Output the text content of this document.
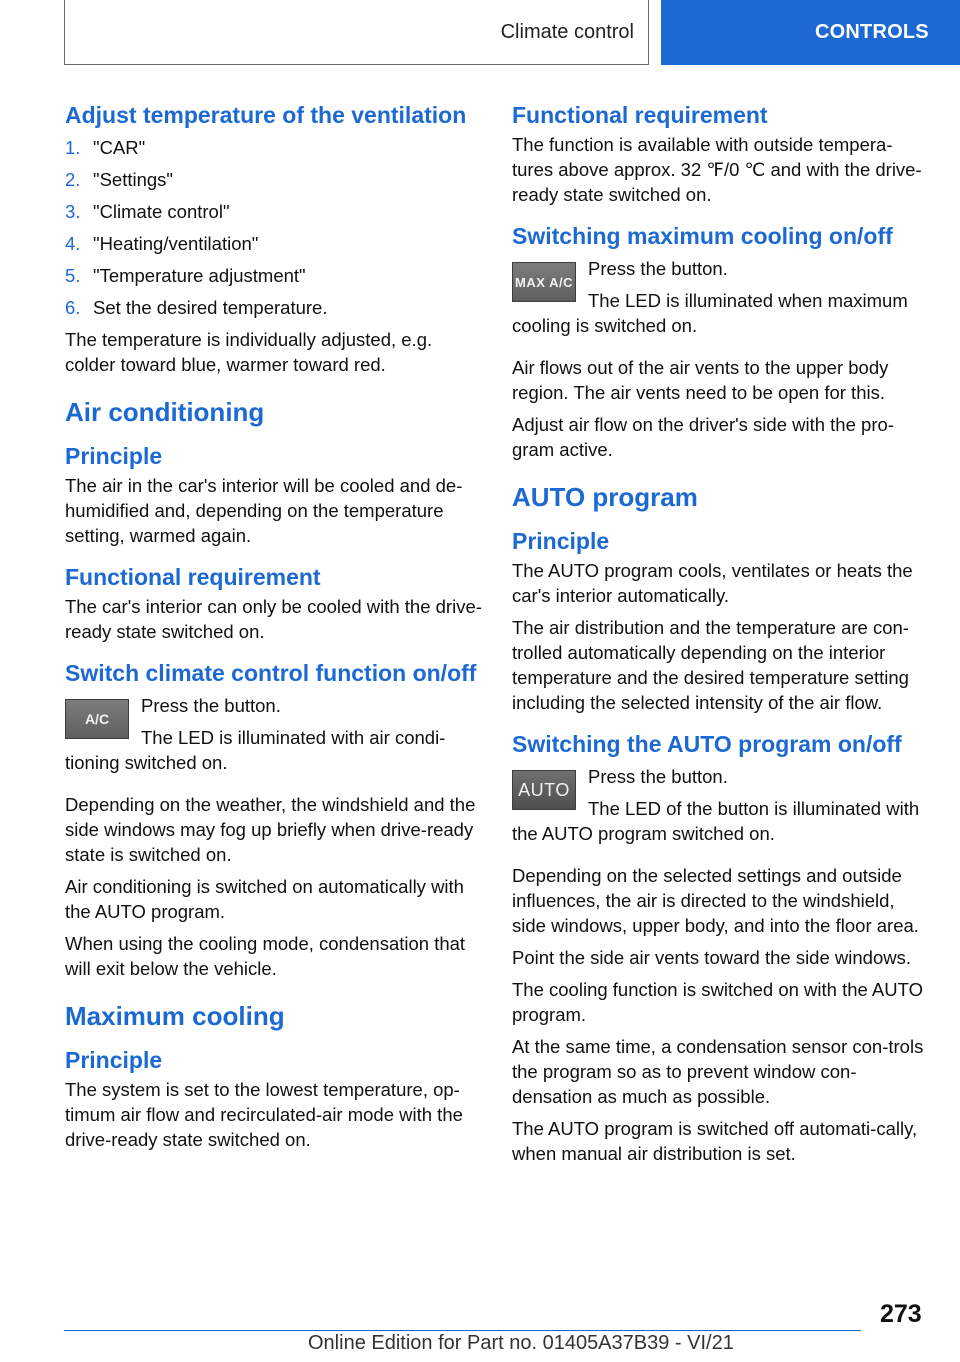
Climate control	CONTROLS
Adjust temperature of the ventilation
1. "CAR"
2. "Settings"
3. "Climate control"
4. "Heating/ventilation"
5. "Temperature adjustment"
6. Set the desired temperature.

The temperature is individually adjusted, e.g. colder toward blue, warmer toward red.

Air conditioning
Principle

The air in the car's interior will be cooled and de-humidified and, depending on the temperature setting, warmed again.

Functional requirement

The car's interior can only be cooled with the drive-ready state switched on.

Switch climate control function on/off
A/C

Press the button.

The LED is illuminated with air condi-tioning switched on.

Depending on the weather, the windshield and the side windows may fog up briefly when drive-ready state is switched on.

Air conditioning is switched on automatically with the AUTO program.

When using the cooling mode, condensation that will exit below the vehicle.

Maximum cooling
Principle

The system is set to the lowest temperature, op-timum air flow and recirculated-air mode with the drive-ready state switched on.

Functional requirement

The function is available with outside tempera-tures above approx. 32 ℉/0 ℃ and with the drive-ready state switched on.

Switching maximum cooling on/off
MAX A/C

Press the button.

The LED is illuminated when maximum cooling is switched on.

Air flows out of the air vents to the upper body region. The air vents need to be open for this.

Adjust air flow on the driver's side with the pro-gram active.

AUTO program
Principle

The AUTO program cools, ventilates or heats the car's interior automatically.

The air distribution and the temperature are con-trolled automatically depending on the interior temperature and the desired temperature setting including the selected intensity of the air flow.

Switching the AUTO program on/off
AUTO

Press the button.

The LED of the button is illuminated with the AUTO program switched on.

Depending on the selected settings and outside influences, the air is directed to the windshield, side windows, upper body, and into the floor area.

Point the side air vents toward the side windows.

The cooling function is switched on with the AUTO program.

At the same time, a condensation sensor con-trols the program so as to prevent window con-densation as much as possible.

The AUTO program is switched off automati-cally, when manual air distribution is set.

273
Online Edition for Part no. 01405A37B39 - VI/21
